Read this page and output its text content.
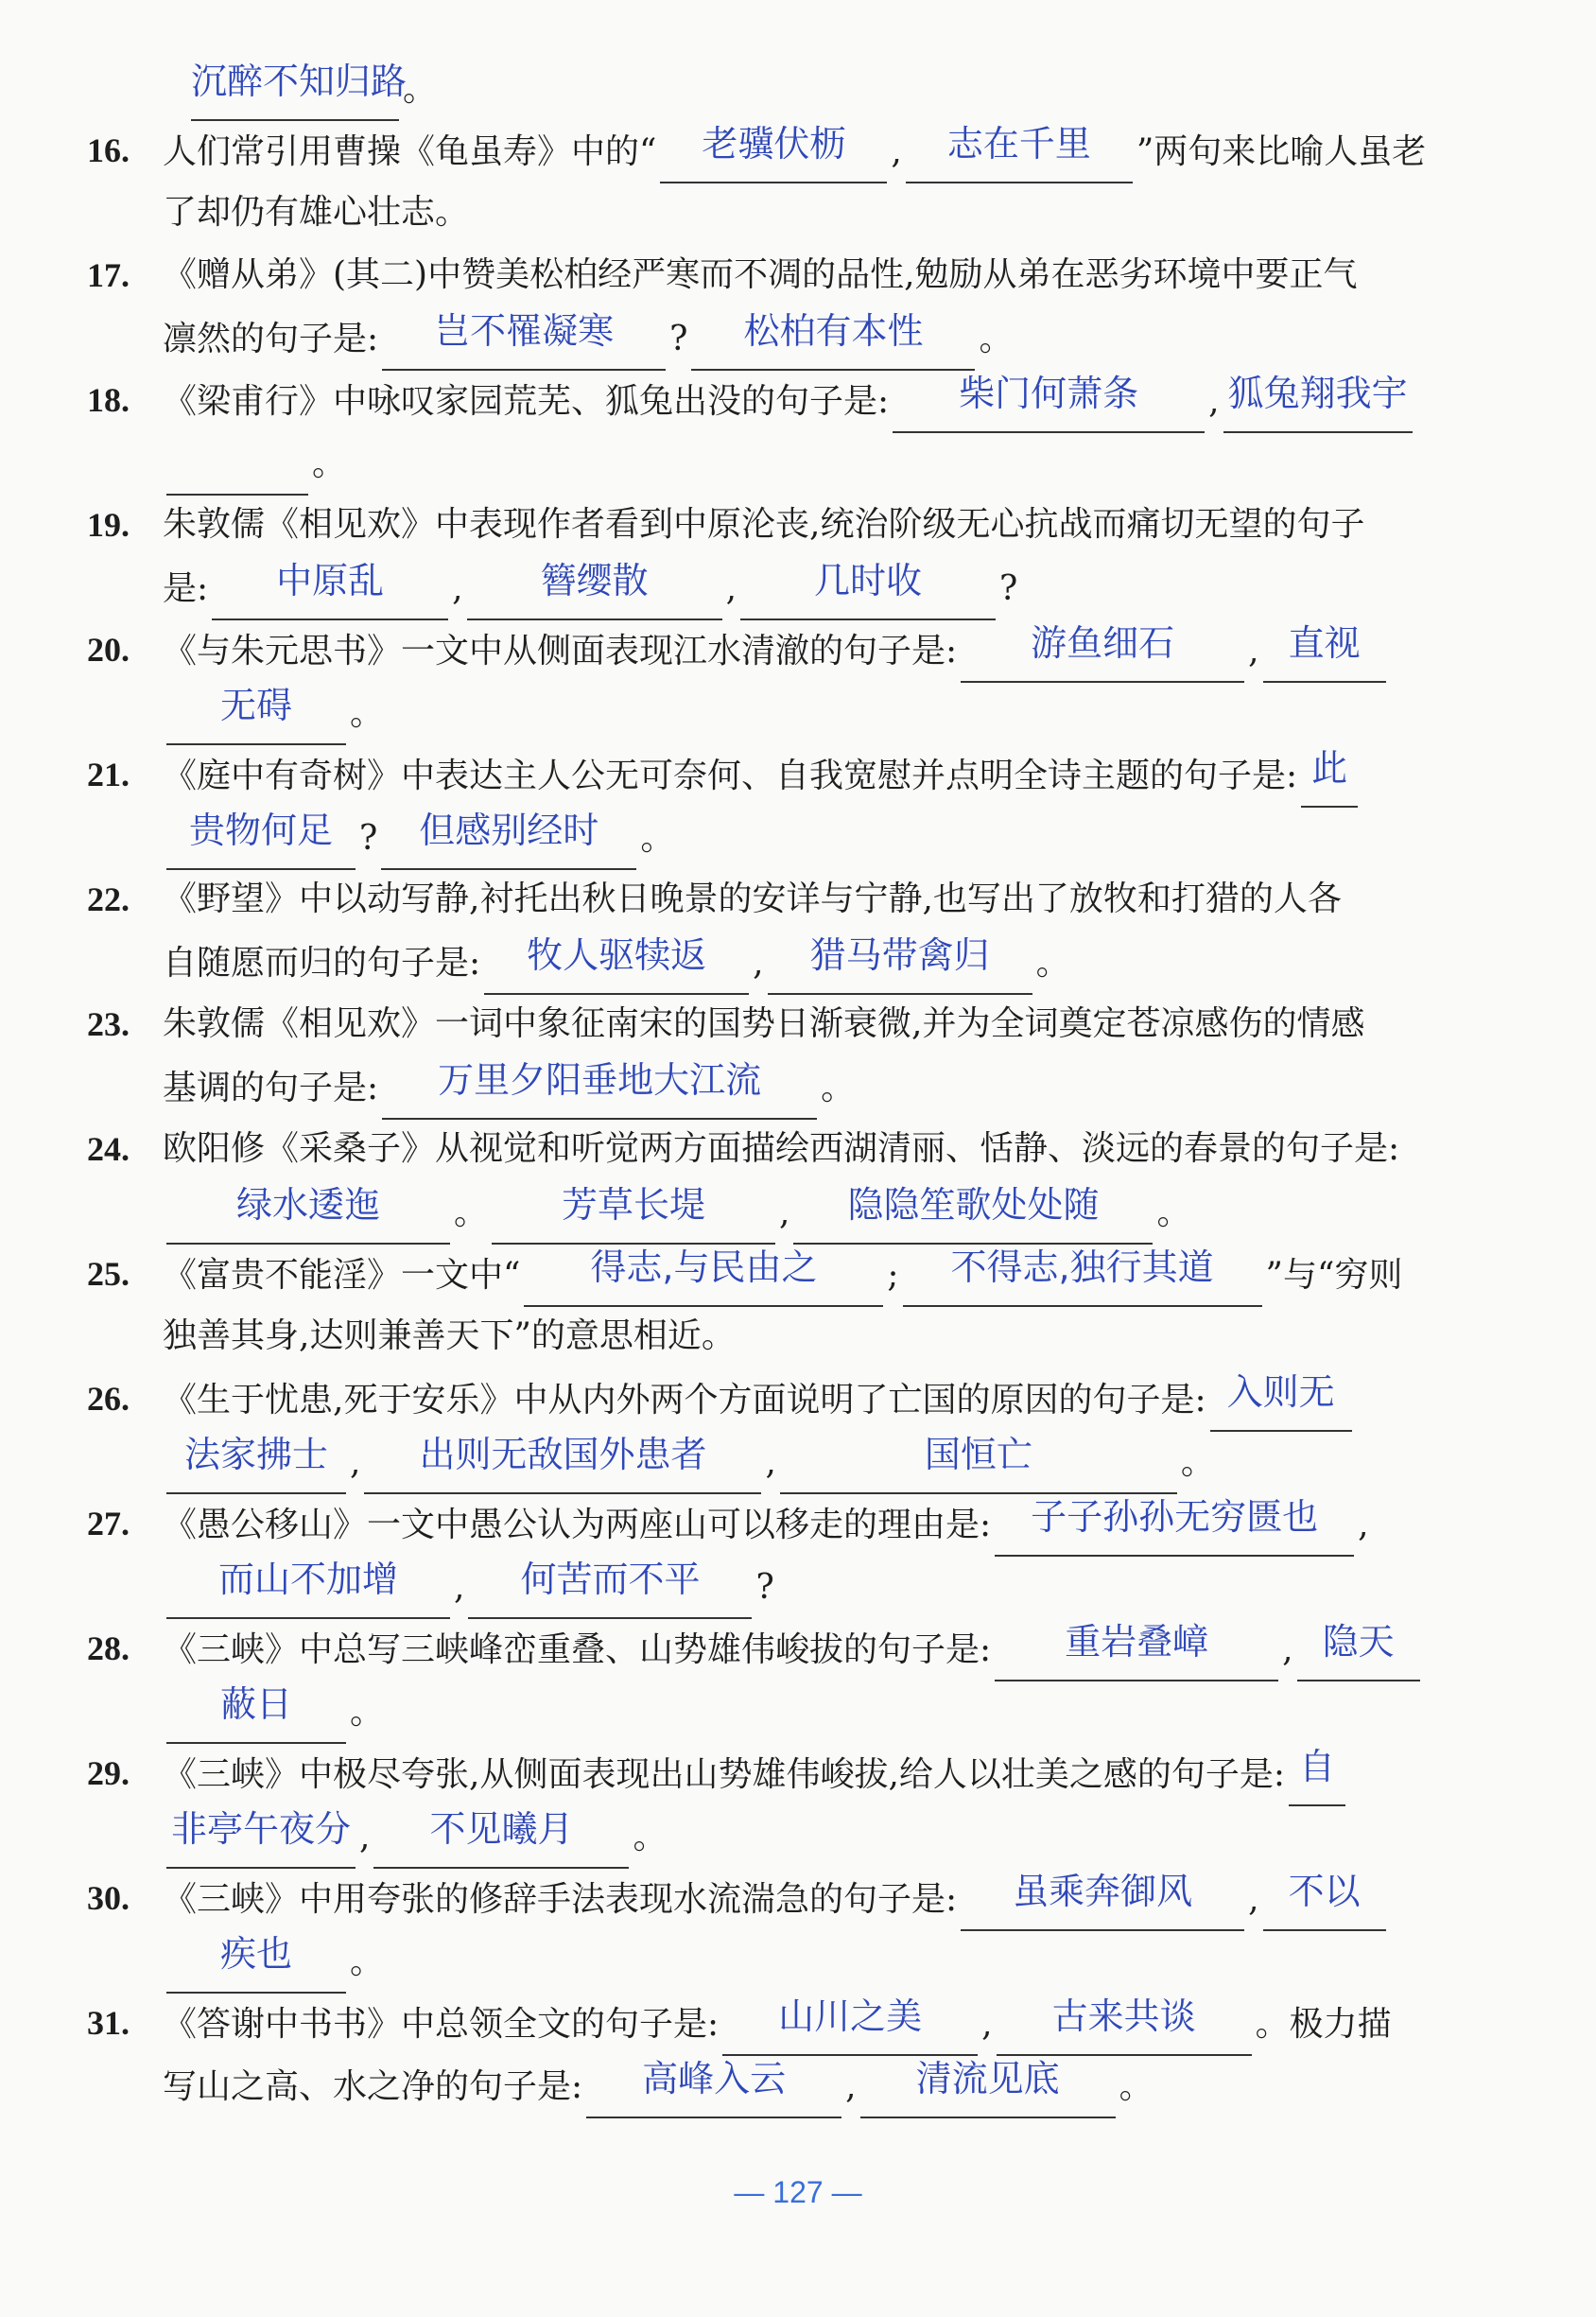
沉醉不知归路。
16. 人们常引用曹操《龟虽寿》中的“ 老骥伏枥 , 志在千里 ”两句来比喻人虽老
了却仍有雄心壮志。
17. 《赠从弟》(其二)中赞美松柏经严寒而不凋的品性,勉励从弟在恶劣环境中要正气
凛然的句子是: 岂不罹凝寒 ? 松柏有本性 。
18. 《梁甫行》中咏叹家园荒芜、狐兔出没的句子是: 柴门何萧条 , 狐兔翔我宇
。
19. 朱敦儒《相见欢》中表现作者看到中原沦丧,统治阶级无心抗战而痛切无望的句子
是: 中原乱 , 簪缨散 , 几时收 ?
20. 《与朱元思书》一文中从侧面表现江水清澈的句子是: 游鱼细石 , 直视
无碍 。
21. 《庭中有奇树》中表达主人公无可奈何、自我宽慰并点明全诗主题的句子是: 此
贵物何足 ? 但感别经时 。
22. 《野望》中以动写静,衬托出秋日晚景的安详与宁静,也写出了放牧和打猎的人各
自随愿而归的句子是: 牧人驱犊返 , 猎马带禽归 。
23. 朱敦儒《相见欢》一词中象征南宋的国势日渐衰微,并为全词奠定苍凉感伤的情感
基调的句子是: 万里夕阳垂地大江流 。
24. 欧阳修《采桑子》从视觉和听觉两方面描绘西湖清丽、恬静、淡远的春景的句子是:
绿水逶迤 。 芳草长堤 , 隐隐笙歌处处随 。
25. 《富贵不能淫》一文中“ 得志,与民由之 ; 不得志,独行其道 ”与“穷则
独善其身,达则兼善天下”的意思相近。
26. 《生于忧患,死于安乐》中从内外两个方面说明了亡国的原因的句子是: 入则无
法家拂士 , 出则无敌国外患者 ,	国恒亡	。
27. 《愚公移山》一文中愚公认为两座山可以移走的理由是: 子子孙孙无穷匮也 ,
而山不加增 , 何苦而不平 ?
28. 《三峡》中总写三峡峰峦重叠、山势雄伟峻拔的句子是: 重岩叠嶂 , 隐天
蔽日 。
29. 《三峡》中极尽夸张,从侧面表现出山势雄伟峻拔,给人以壮美之感的句子是: 自
非亭午夜分 , 不见曦月 。
30. 《三峡》中用夸张的修辞手法表现水流湍急的句子是: 虽乘奔御风 , 不以
疾也 。
31. 《答谢中书书》中总领全文的句子是: 山川之美 , 古来共谈 。极力描
写山之高、水之净的句子是: 高峰入云 , 清流见底 。
— 127 —
